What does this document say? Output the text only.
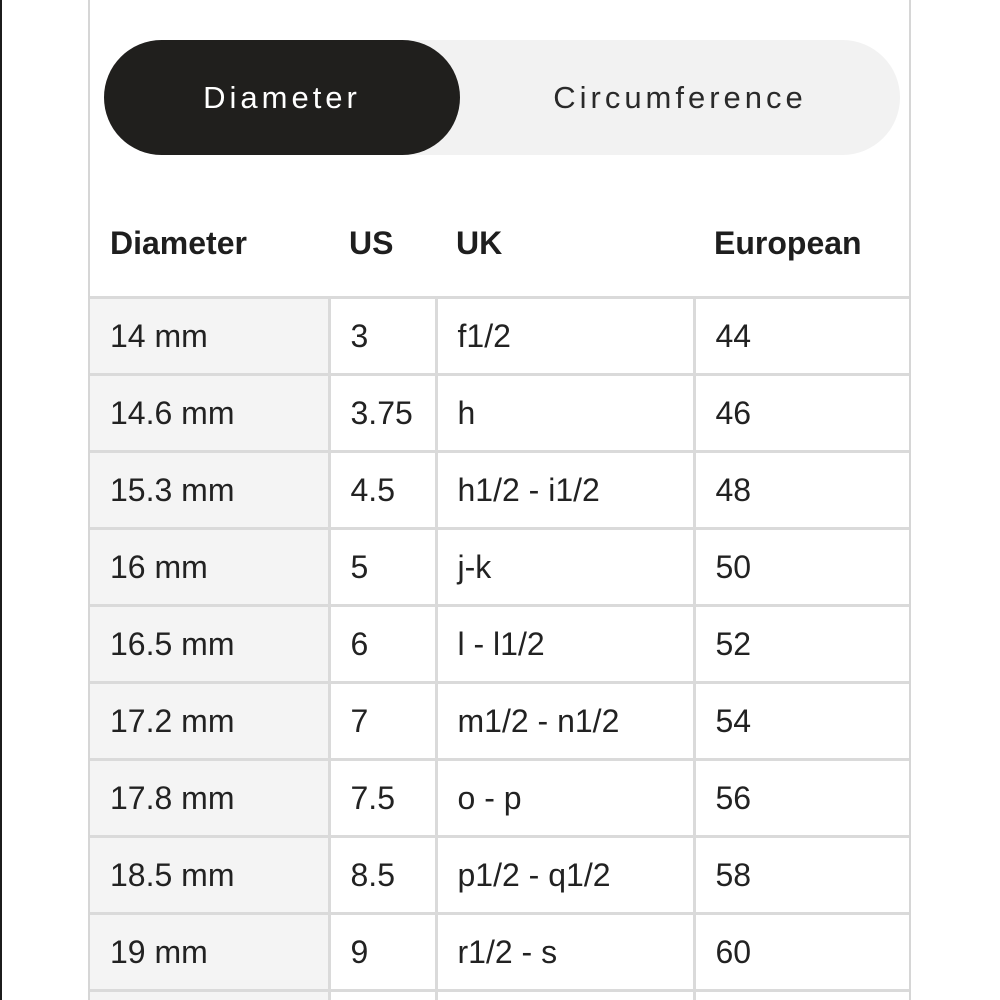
Diameter	Circumference
Diameter	US	UK	European
14 mm	3	f1/2	44
14.6 mm	3.75	h	46
15.3 mm	4.5	h1/2 - i1/2	48
16 mm	5	j-k	50
16.5 mm	6	l - l1/2	52
17.2 mm	7	m1/2 - n1/2	54
17.8 mm	7.5	o - p	56
18.5 mm	8.5	p1/2 - q1/2	58
19 mm	9	r1/2 - s	60
